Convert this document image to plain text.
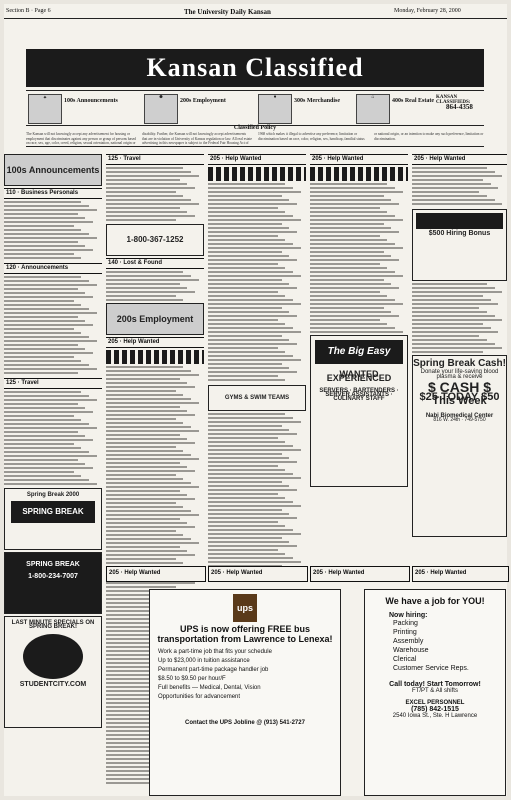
Section B · Page 6	The University Daily Kansan	Monday, February 28, 2000
Kansan Classified
✦	100s Announcements
☻
200s Employment
♦
300s Merchandise
⌂
400s Real Estate
KANSAN CLASSIFIEDS:
864-4358
Classified Policy
The Kansan will not knowingly accept any advertisement for housing or employment that discriminates against any person or group of persons based on race, sex, age, color, creed, religion, sexual orientation, national origin or disability. Further, the Kansan will not knowingly accept advertisements that are in violation of University of Kansas regulation or law. All real estate advertising in this newspaper is subject to the Federal Fair Housing Act of 1968 which makes it illegal to advertise any preference, limitation or discrimination based on race, color, religion, sex, handicap, familial status or national origin, or an intention to make any such preference, limitation or discrimination.
100s Announcements
110 · Business Personals
120 · Announcements
125 · Travel
Spring Break 2000
SPRING BREAK
SPRING BREAK
1-800-234-7007
LAST MINUTE SPECIALS ON SPRING BREAK!
STUDENTCITY.COM
125 · Travel
1-800-367-1252
140 · Lost & Found
200s Employment
205 · Help Wanted
205 · Help Wanted
GYMS & SWIM TEAMS
205 · Help Wanted
The Big Easy
WANTED EXPERIENCED
SERVERS · BARTENDERS · SERVER ASSISTANTS · CULINARY STAFF
205 · Help Wanted
$500 Hiring Bonus
Spring Break Cash!
Donate your life-saving blood plasma & receive
$ CASH $
$25 TODAY $50 This Week
Nabi Biomedical Center
816 W. 24th · 749-5750
205 · Help Wanted	205 · Help Wanted	205 · Help Wanted	205 · Help Wanted
ups
UPS is now offering FREE bus transportation from Lawrence to Lenexa!
Work a part-time job that fits your schedule
Up to $23,000 in tuition assistance
Permanent part-time package handler job
$8.50 to $9.50 per hour/F
Full benefits — Medical, Dental, Vision
Opportunities for advancement
Contact the UPS Jobline @ (913) 541-2727
We have a job for YOU!
Now hiring:
Packing
Printing
Assembly
Warehouse
Clerical
Customer Service Reps.
Call today! Start Tomorrow!
FT/PT & All shifts
EXCEL PERSONNEL
(785) 842-1515
2540 Iowa St., Ste. H Lawrence
